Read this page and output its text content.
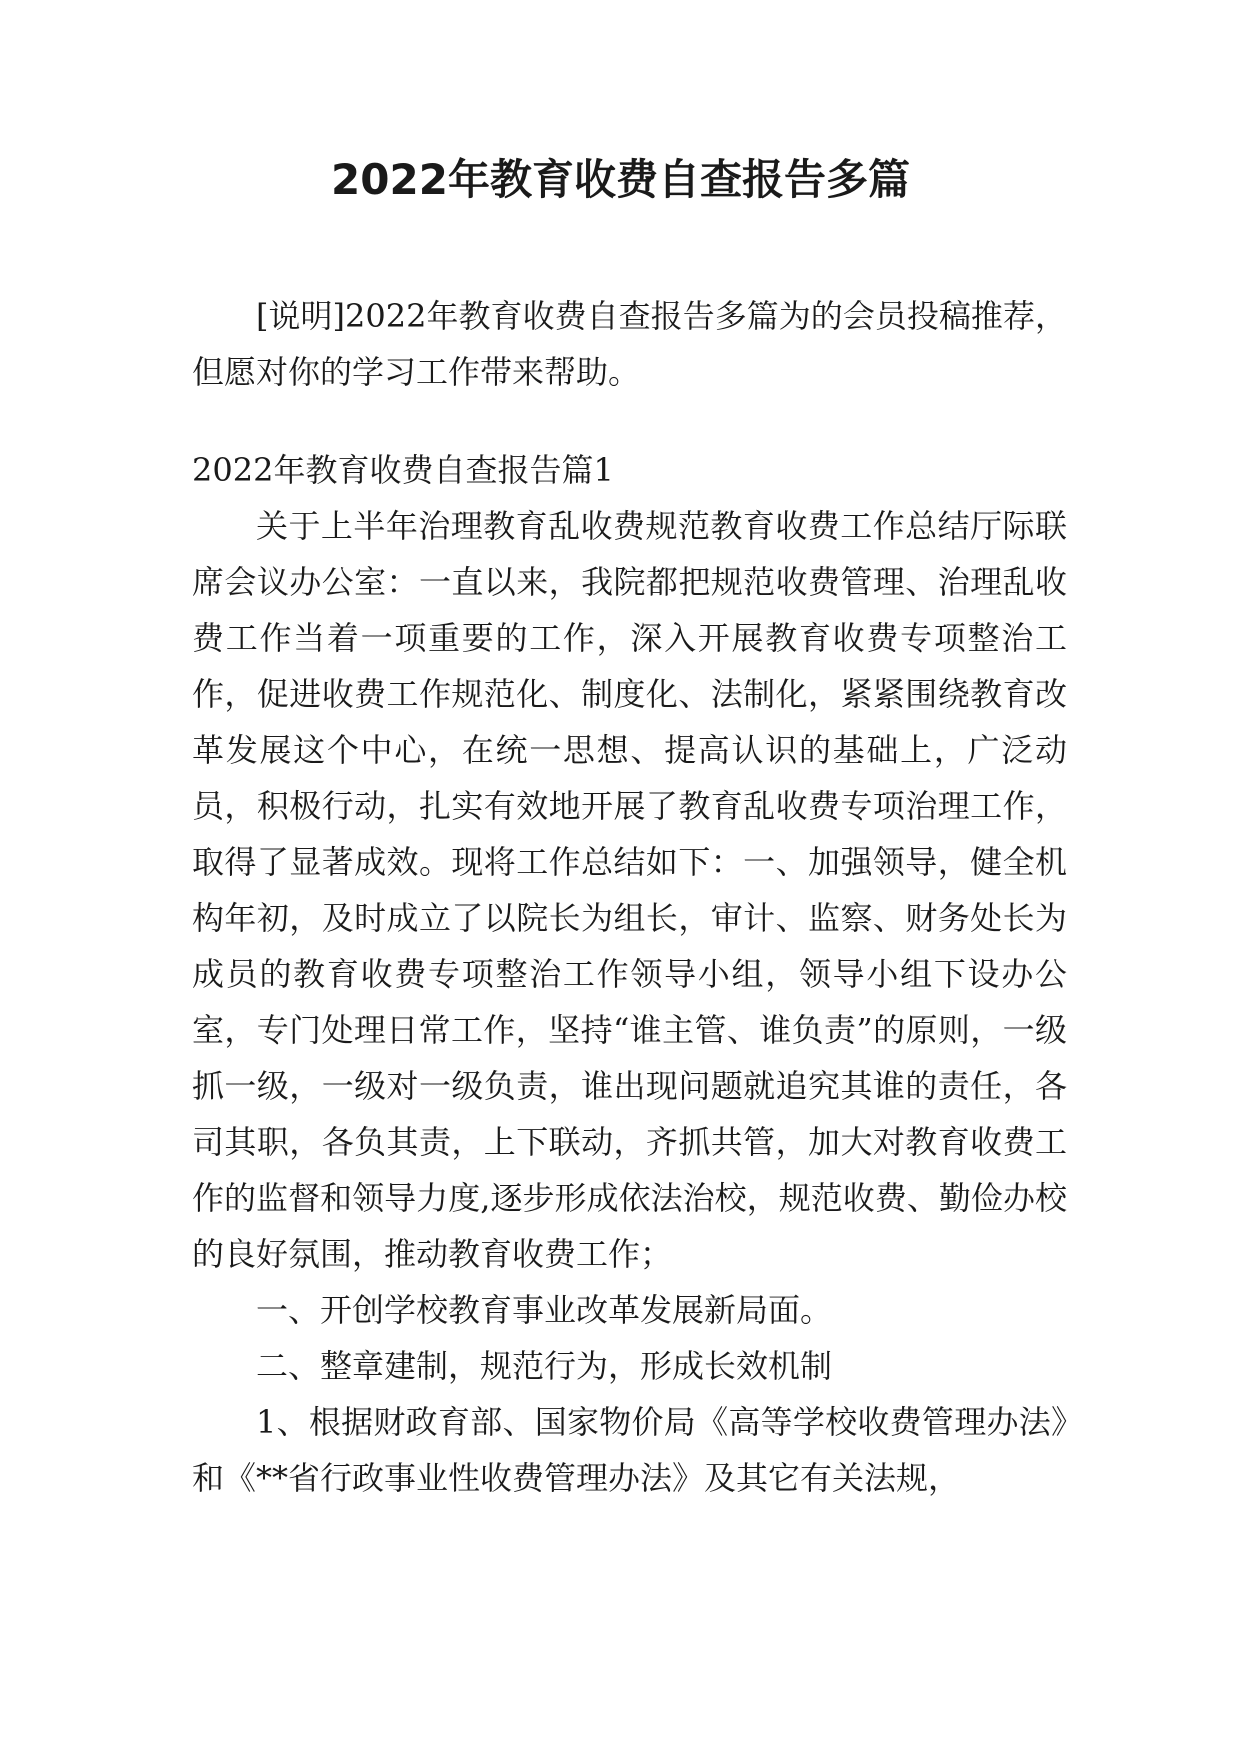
2022年教育收费自查报告多篇

[说明]2022年教育收费自查报告多篇为的会员投稿推荐，但愿对你的学习工作带来帮助。

2022年教育收费自查报告篇1

关于上半年治理教育乱收费规范教育收费工作总结厅际联席会议办公室：一直以来，我院都把规范收费管理、治理乱收费工作当着一项重要的工作，深入开展教育收费专项整治工作，促进收费工作规范化、制度化、法制化，紧紧围绕教育改革发展这个中心，在统一思想、提高认识的基础上，广泛动员，积极行动，扎实有效地开展了教育乱收费专项治理工作，取得了显著成效。现将工作总结如下：一、加强领导，健全机构年初，及时成立了以院长为组长，审计、监察、财务处长为成员的教育收费专项整治工作领导小组，领导小组下设办公室，专门处理日常工作，坚持“谁主管、谁负责”的原则，一级抓一级，一级对一级负责，谁出现问题就追究其谁的责任，各司其职，各负其责，上下联动，齐抓共管，加大对教育收费工作的监督和领导力度,逐步形成依法治校，规范收费、勤俭办校的良好氛围，推动教育收费工作；

一、开创学校教育事业改革发展新局面。

二、整章建制，规范行为，形成长效机制

1、根据财政育部、国家物价局《高等学校收费管理办法》和《**省行政事业性收费管理办法》及其它有关法规，
